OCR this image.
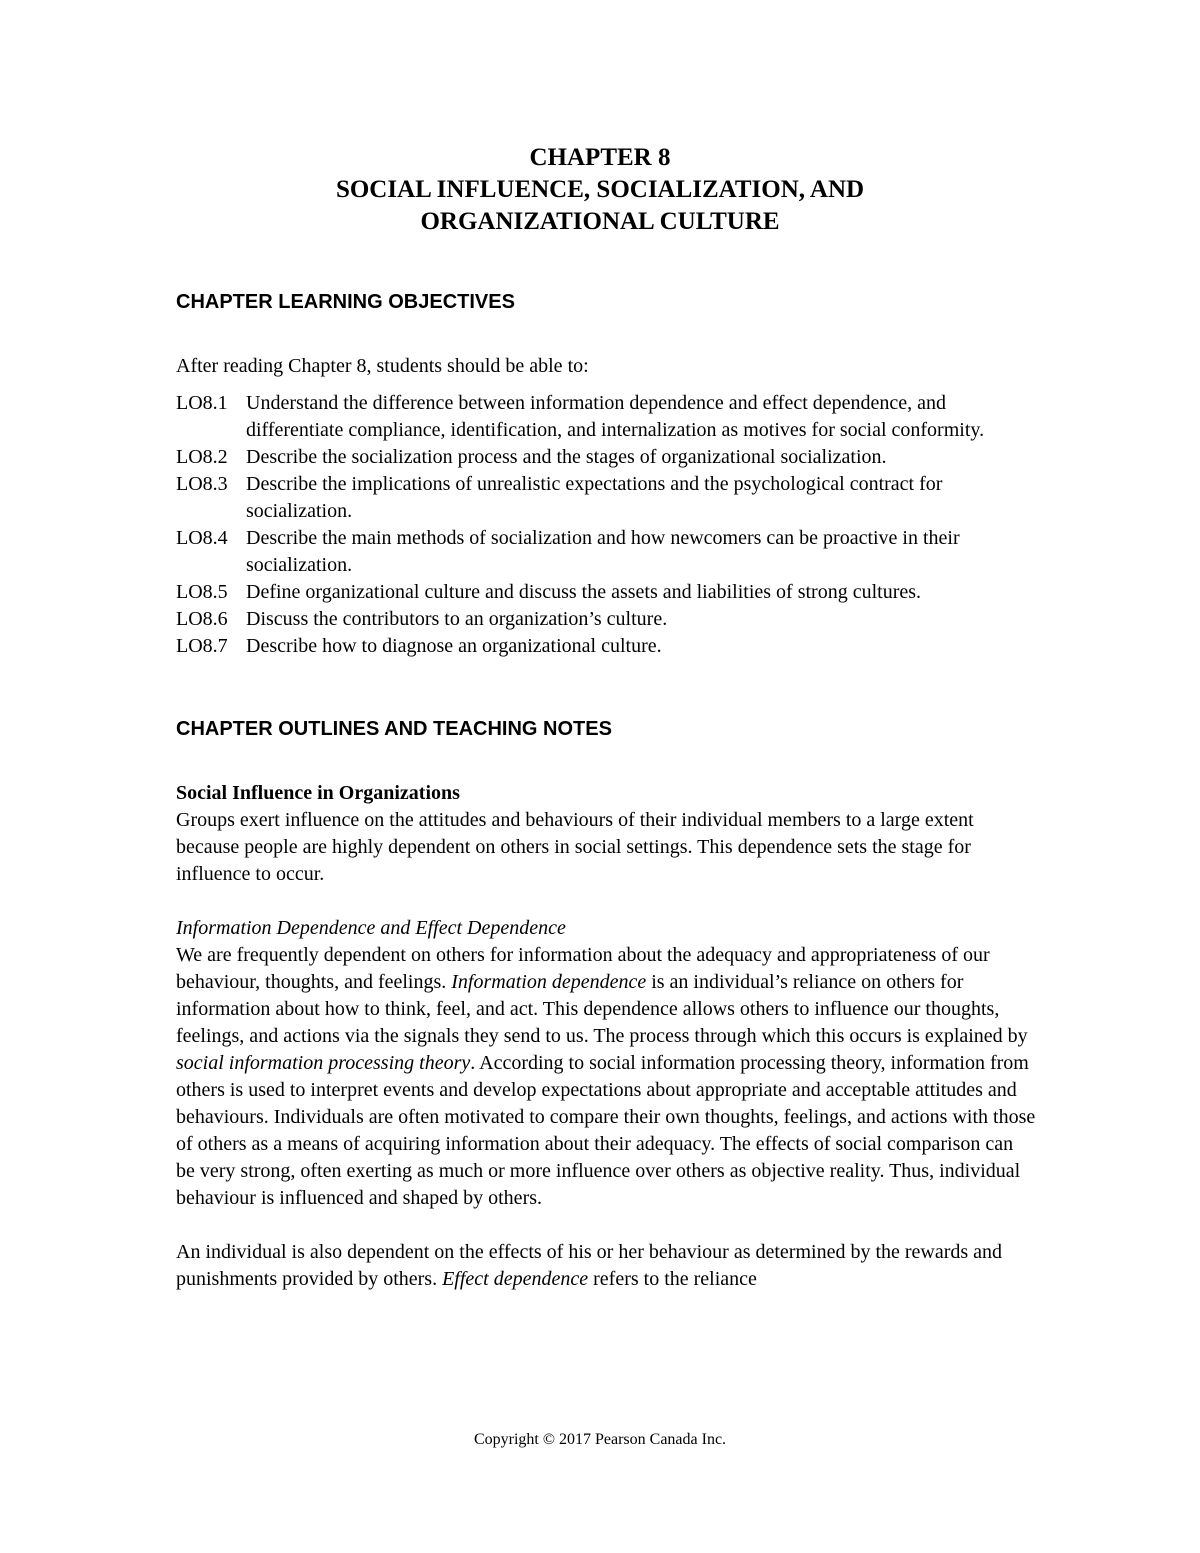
CHAPTER 8
SOCIAL INFLUENCE, SOCIALIZATION, AND
ORGANIZATIONAL CULTURE
CHAPTER LEARNING OBJECTIVES

After reading Chapter 8, students should be able to:

LO8.1 Understand the difference between information dependence and effect dependence, and differentiate compliance, identification, and internalization as motives for social conformity.
LO8.2 Describe the socialization process and the stages of organizational socialization.
LO8.3 Describe the implications of unrealistic expectations and the psychological contract for socialization.
LO8.4 Describe the main methods of socialization and how newcomers can be proactive in their socialization.
LO8.5 Define organizational culture and discuss the assets and liabilities of strong cultures.
LO8.6 Discuss the contributors to an organization’s culture.
LO8.7 Describe how to diagnose an organizational culture.
CHAPTER OUTLINES AND TEACHING NOTES

Social Influence in Organizations

Groups exert influence on the attitudes and behaviours of their individual members to a large extent because people are highly dependent on others in social settings. This dependence sets the stage for influence to occur.

Information Dependence and Effect Dependence

We are frequently dependent on others for information about the adequacy and appropriateness of our behaviour, thoughts, and feelings. Information dependence is an individual’s reliance on others for information about how to think, feel, and act. This dependence allows others to influence our thoughts, feelings, and actions via the signals they send to us. The process through which this occurs is explained by social information processing theory. According to social information processing theory, information from others is used to interpret events and develop expectations about appropriate and acceptable attitudes and behaviours. Individuals are often motivated to compare their own thoughts, feelings, and actions with those of others as a means of acquiring information about their adequacy. The effects of social comparison can be very strong, often exerting as much or more influence over others as objective reality. Thus, individual behaviour is influenced and shaped by others.

An individual is also dependent on the effects of his or her behaviour as determined by the rewards and punishments provided by others. Effect dependence refers to the reliance

Copyright © 2017 Pearson Canada Inc.
